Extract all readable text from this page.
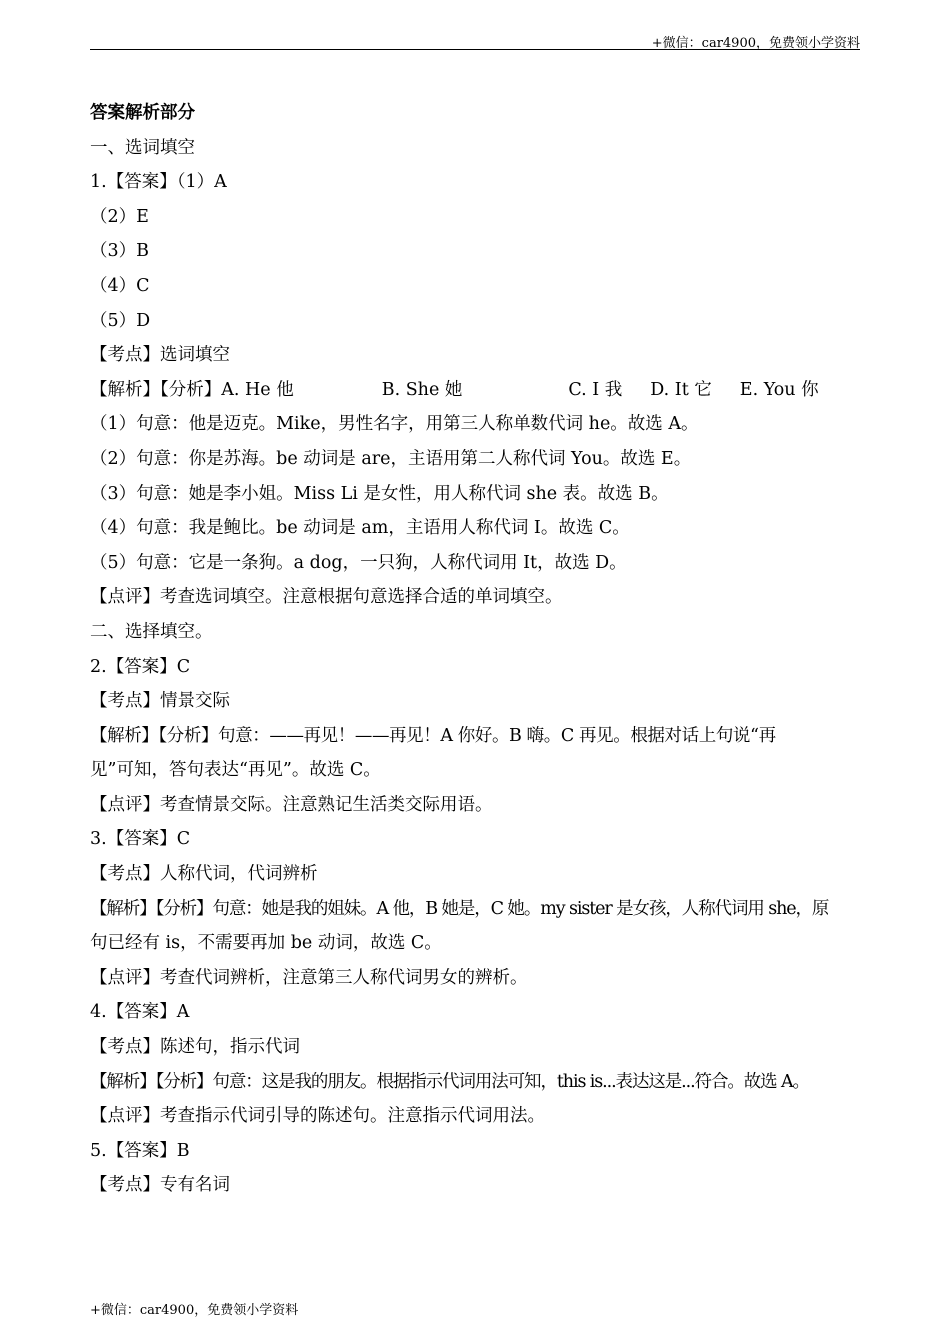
+微信：car4900，免费领小学资料
答案解析部分
一、选词填空
1.【答案】（1）A
（2）E
（3）B
（4）C
（5）D
【考点】选词填空
【解析】【分析】A. He 他	B. She 她	C. I 我 D. It 它 E. You 你
（1）句意：他是迈克。Mike，男性名字，用第三人称单数代词 he。故选 A。
（2）句意：你是苏海。be 动词是 are，主语用第二人称代词 You。故选 E。
（3）句意：她是李小姐。Miss Li 是女性，用人称代词 she 表。故选 B。
（4）句意：我是鲍比。be 动词是 am，主语用人称代词 I。故选 C。
（5）句意：它是一条狗。a dog，一只狗，人称代词用 It，故选 D。
【点评】考查选词填空。注意根据句意选择合适的单词填空。
二、选择填空。
2.【答案】C
【考点】情景交际
【解析】【分析】句意：——再见！——再见！A 你好。B 嗨。C 再见。根据对话上句说“再
见”可知，答句表达“再见”。故选 C。
【点评】考查情景交际。注意熟记生活类交际用语。
3.【答案】C
【考点】人称代词，代词辨析
【解析】【分析】句意：她是我的姐妹。A 他，B 她是，C 她。my sister 是女孩，人称代词用 she，原
句已经有 is，不需要再加 be 动词，故选 C。
【点评】考查代词辨析，注意第三人称代词男女的辨析。
4.【答案】A
【考点】陈述句，指示代词
【解析】【分析】句意：这是我的朋友。根据指示代词用法可知，this is...表达这是...符合。故选 A。
【点评】考查指示代词引导的陈述句。注意指示代词用法。
5.【答案】B
【考点】专有名词
+微信：car4900，免费领小学资料
